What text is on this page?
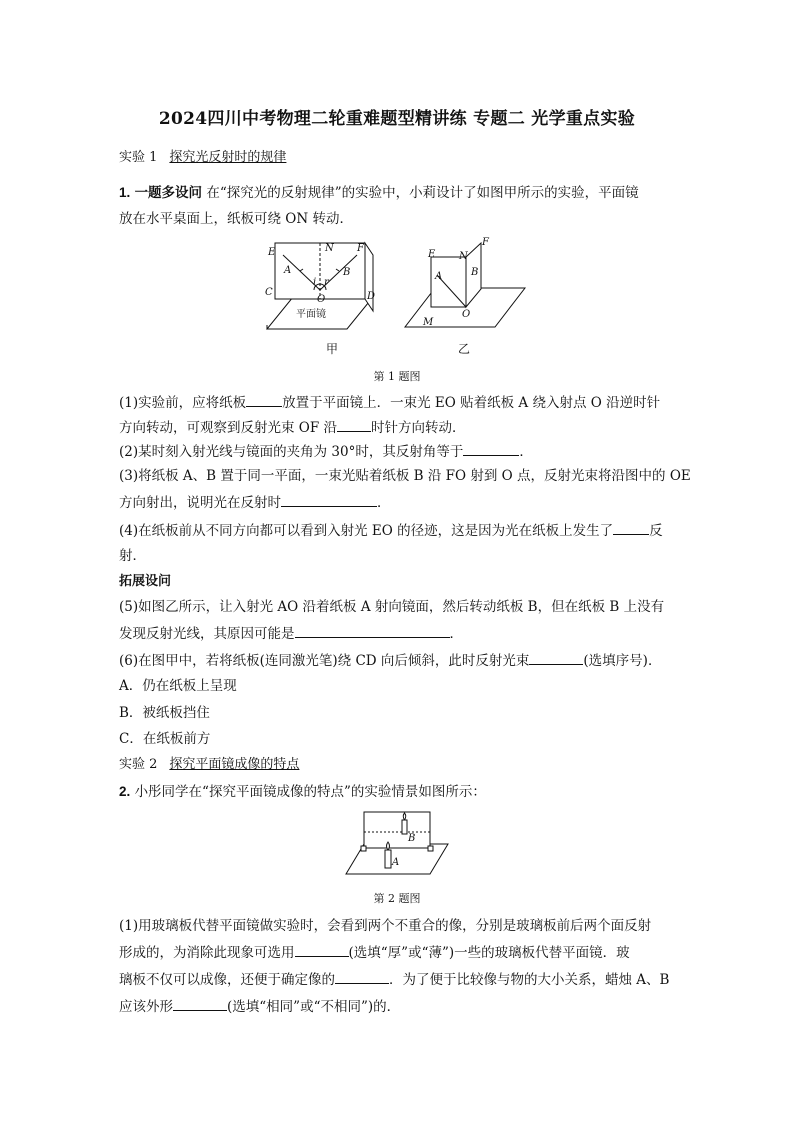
2024四川中考物理二轮重难题型精讲练 专题二 光学重点实验
实验 1 探究光反射时的规律
1. 一题多设问 在“探究光的反射规律”的实验中，小莉设计了如图甲所示的实验，平面镜
放在水平桌面上，纸板可绕 ON 转动．
E
A
C
N F
B
i r
O	D
E N
F
A	B
O
M
平面镜
甲	乙
第 1 题图
(1)实验前，应将纸板	放置于平面镜上．一束光 EO 贴着纸板 A 绕入射点 O 沿逆时针
方向转动，可观察到反射光束 OF 沿	时针方向转动．
(2)某时刻入射光线与镜面的夹角为 30°时，其反射角等于	．
(3)将纸板 A、B 置于同一平面，一束光贴着纸板 B 沿 FO 射到 O 点，反射光束将沿图中的 OE
方向射出，说明光在反射时	．
(4)在纸板前从不同方向都可以看到入射光 EO 的径迹，这是因为光在纸板上发生了	反
射．
拓展设问
(5)如图乙所示，让入射光 AO 沿着纸板 A 射向镜面，然后转动纸板 B，但在纸板 B 上没有
发现反射光线，其原因可能是	．
(6)在图甲中，若将纸板(连同激光笔)绕 CD 向后倾斜，此时反射光束	(选填序号)．
A．仍在纸板上呈现
B．被纸板挡住
C．在纸板前方
实验 2 探究平面镜成像的特点
2. 小彤同学在“探究平面镜成像的特点”的实验情景如图所示：
B
A
第 2 题图
(1)用玻璃板代替平面镜做实验时，会看到两个不重合的像，分别是玻璃板前后两个面反射
形成的，为消除此现象可选用	(选填“厚”或“薄”)一些的玻璃板代替平面镜．玻
璃板不仅可以成像，还便于确定像的	．为了便于比较像与物的大小关系，蜡烛 A、B
应该外形	(选填“相同”或“不相同”)的．
